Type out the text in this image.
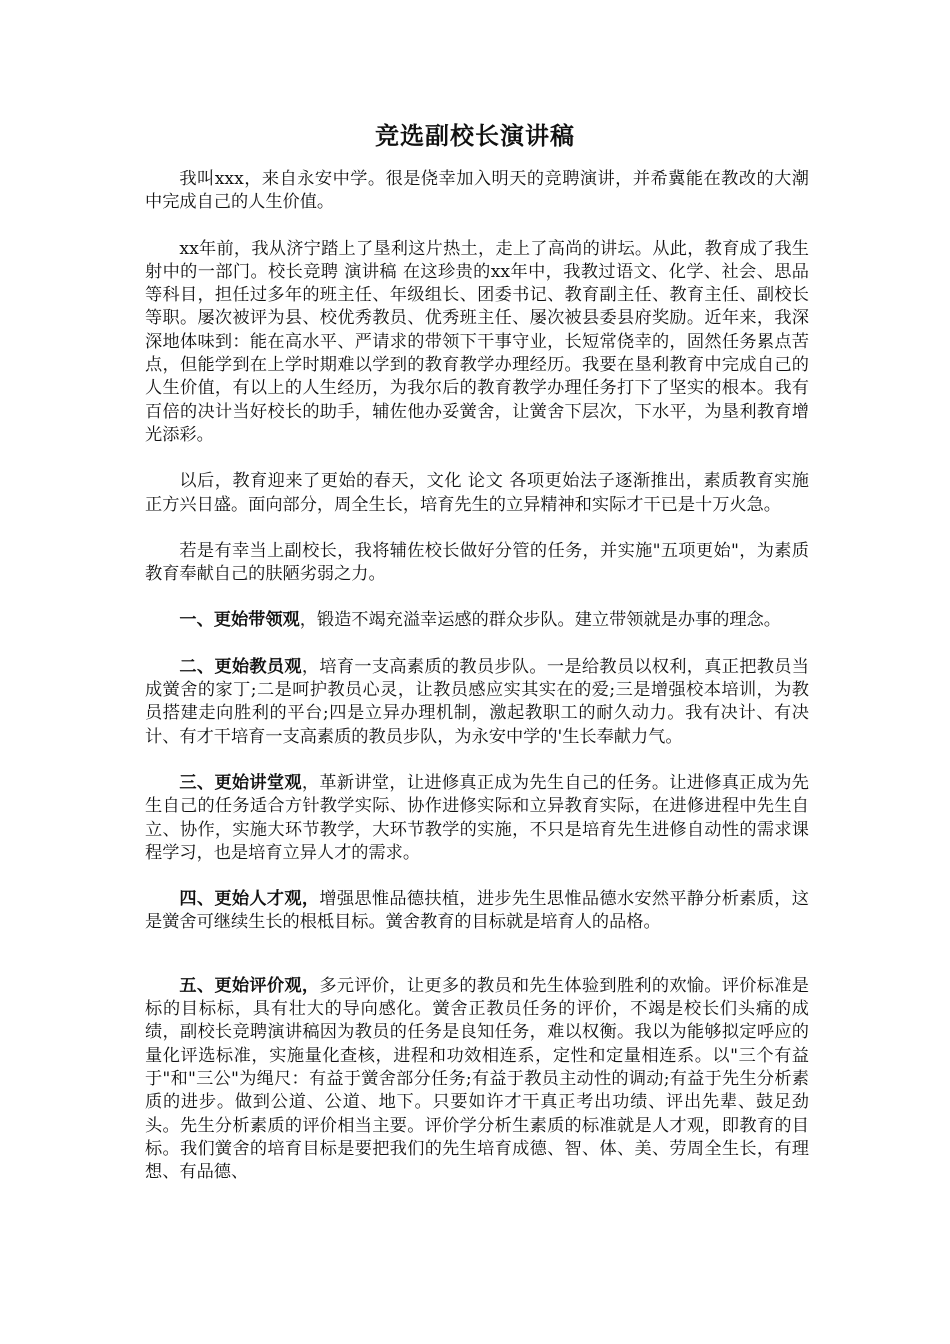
竞选副校长演讲稿

我叫xxx，来自永安中学。很是侥幸加入明天的竞聘演讲，并希冀能在教改的大潮中完成自己的人生价值。

xx年前，我从济宁踏上了垦利这片热土，走上了高尚的讲坛。从此，教育成了我生射中的一部门。校长竞聘 演讲稿 在这珍贵的xx年中，我教过语文、化学、社会、思品等科目，担任过多年的班主任、年级组长、团委书记、教育副主任、教育主任、副校长等职。屡次被评为县、校优秀教员、优秀班主任、屡次被县委县府奖励。近年来，我深深地体味到：能在高水平、严请求的带领下干事守业，长短常侥幸的，固然任务累点苦点，但能学到在上学时期难以学到的教育教学办理经历。我要在垦利教育中完成自己的人生价值，有以上的人生经历，为我尔后的教育教学办理任务打下了坚实的根本。我有百倍的决计当好校长的助手，辅佐他办妥黉舍，让黉舍下层次，下水平，为垦利教育增光添彩。

以后，教育迎来了更始的春天，文化 论文 各项更始法子逐渐推出，素质教育实施正方兴日盛。面向部分，周全生长，培育先生的立异精神和实际才干已是十万火急。

若是有幸当上副校长，我将辅佐校长做好分管的任务，并实施"五项更始"，为素质教育奉献自己的肤陋劣弱之力。

一、更始带领观，锻造不竭充溢幸运感的群众步队。建立带领就是办事的理念。

二、更始教员观，培育一支高素质的教员步队。一是给教员以权利，真正把教员当成黉舍的家丁;二是呵护教员心灵，让教员感应实其实在的爱;三是增强校本培训，为教员搭建走向胜利的平台;四是立异办理机制，激起教职工的耐久动力。我有决计、有决计、有才干培育一支高素质的教员步队，为永安中学的'生长奉献力气。

三、更始讲堂观，革新讲堂，让进修真正成为先生自己的任务。让进修真正成为先生自己的任务适合方针教学实际、协作进修实际和立异教育实际，在进修进程中先生自立、协作，实施大环节教学，大环节教学的实施，不只是培育先生进修自动性的需求课程学习，也是培育立异人才的需求。

四、更始人才观，增强思惟品德扶植，进步先生思惟品德水安然平静分析素质，这是黉舍可继续生长的根柢目标。黉舍教育的目标就是培育人的品格。

五、更始评价观，多元评价，让更多的教员和先生体验到胜利的欢愉。评价标准是标的目标标，具有壮大的导向感化。黉舍正教员任务的评价，不竭是校长们头痛的成绩，副校长竞聘演讲稿因为教员的任务是良知任务，难以权衡。我以为能够拟定呼应的量化评选标准，实施量化查核，进程和功效相连系，定性和定量相连系。以"三个有益于"和"三公"为绳尺：有益于黉舍部分任务;有益于教员主动性的调动;有益于先生分析素质的进步。做到公道、公道、地下。只要如许才干真正考出功绩、评出先辈、鼓足劲头。先生分析素质的评价相当主要。评价学分析生素质的标准就是人才观，即教育的目标。我们黉舍的培育目标是要把我们的先生培育成德、智、体、美、劳周全生长，有理想、有品德、
